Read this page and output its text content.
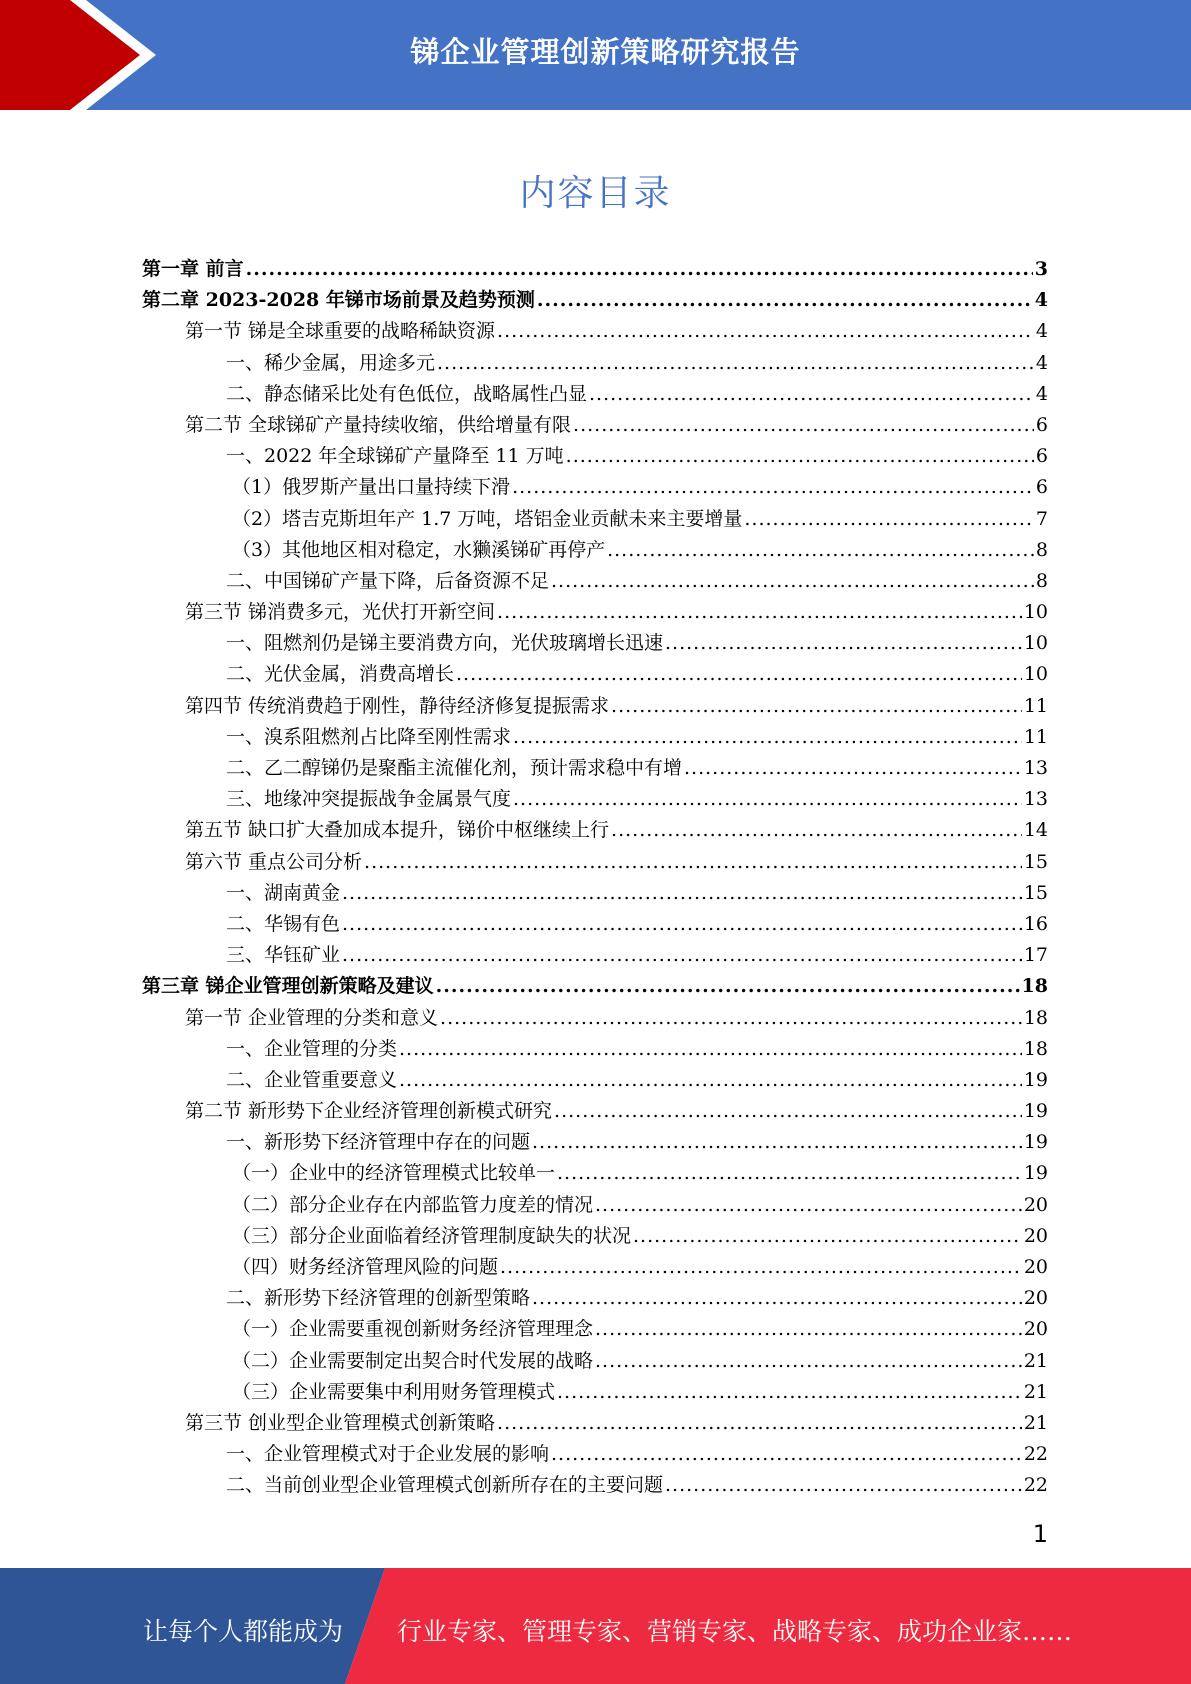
锑企业管理创新策略研究报告
内容目录
第一章 前言 .....	3
第二章 2023-2028 年锑市场前景及趋势预测 .....	4
第一节 锑是全球重要的战略稀缺资源 .....	4
一、稀少金属，用途多元 .....	4
二、静态储采比处有色低位，战略属性凸显 .....	4
第二节 全球锑矿产量持续收缩，供给增量有限 .....	6
一、2022 年全球锑矿产量降至 11 万吨 .....	6
（1）俄罗斯产量出口量持续下滑 .....	6
（2）塔吉克斯坦年产 1.7 万吨，塔铝金业贡献未来主要增量 .....	7
（3）其他地区相对稳定，水獭溪锑矿再停产 .....	8
二、中国锑矿产量下降，后备资源不足 .....	8
第三节 锑消费多元，光伏打开新空间 .....	10
一、阻燃剂仍是锑主要消费方向，光伏玻璃增长迅速 .....	10
二、光伏金属，消费高增长 .....	10
第四节 传统消费趋于刚性，静待经济修复提振需求 .....	11
一、溴系阻燃剂占比降至刚性需求 .....	11
二、乙二醇锑仍是聚酯主流催化剂，预计需求稳中有增 .....	13
三、地缘冲突提振战争金属景气度 .....	13
第五节 缺口扩大叠加成本提升，锑价中枢继续上行 .....	14
第六节 重点公司分析 .....	15
一、湖南黄金 .....	15
二、华锡有色 .....	16
三、华钰矿业 .....	17
第三章 锑企业管理创新策略及建议 .....	18
第一节 企业管理的分类和意义 .....	18
一、企业管理的分类 .....	18
二、企业管重要意义 .....	19
第二节 新形势下企业经济管理创新模式研究 .....	19
一、新形势下经济管理中存在的问题 .....	19
（一）企业中的经济管理模式比较单一 .....	19
（二）部分企业存在内部监管力度差的情况 .....	20
（三）部分企业面临着经济管理制度缺失的状况 .....	20
（四）财务经济管理风险的问题 .....	20
二、新形势下经济管理的创新型策略 .....	20
（一）企业需要重视创新财务经济管理理念 .....	20
（二）企业需要制定出契合时代发展的战略 .....	21
（三）企业需要集中利用财务管理模式 .....	21
第三节 创业型企业管理模式创新策略 .....	21
一、企业管理模式对于企业发展的影响 .....	22
二、当前创业型企业管理模式创新所存在的主要问题 .....	22
1
让每个人都能成为 行业专家、管理专家、营销专家、战略专家、成功企业家……
